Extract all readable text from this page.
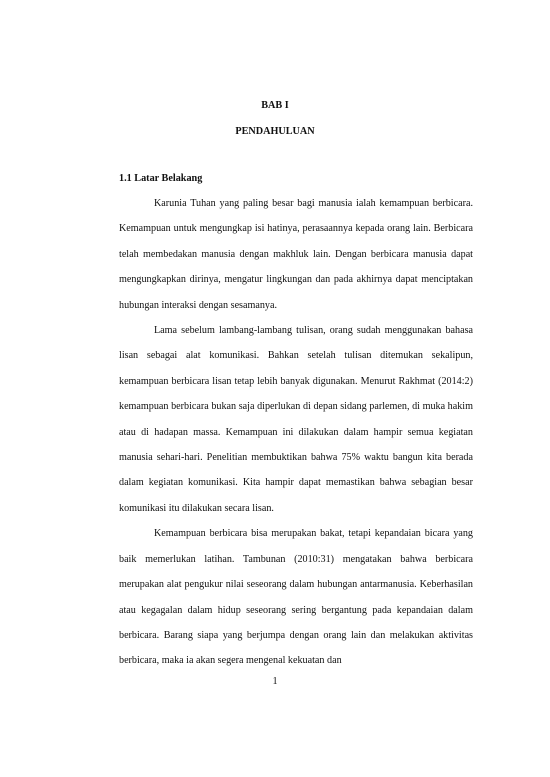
BAB I
PENDAHULUAN
1.1 Latar Belakang

Karunia Tuhan yang paling besar bagi manusia ialah kemampuan berbicara. Kemampuan untuk mengungkap isi hatinya, perasaannya kepada orang lain. Berbicara telah membedakan manusia dengan makhluk lain. Dengan berbicara manusia dapat mengungkapkan dirinya, mengatur lingkungan dan pada akhirnya dapat menciptakan hubungan interaksi dengan sesamanya.

Lama sebelum lambang-lambang tulisan, orang sudah menggunakan bahasa lisan sebagai alat komunikasi. Bahkan setelah tulisan ditemukan sekalipun, kemampuan berbicara lisan tetap lebih banyak digunakan. Menurut Rakhmat (2014:2) kemampuan berbicara bukan saja diperlukan di depan sidang parlemen, di muka hakim atau di hadapan massa. Kemampuan ini dilakukan dalam hampir semua kegiatan manusia sehari-hari. Penelitian membuktikan bahwa 75% waktu bangun kita berada dalam kegiatan komunikasi. Kita hampir dapat memastikan bahwa sebagian besar komunikasi itu dilakukan secara lisan.

Kemampuan berbicara bisa merupakan bakat, tetapi kepandaian bicara yang baik memerlukan latihan. Tambunan (2010:31) mengatakan bahwa berbicara merupakan alat pengukur nilai seseorang dalam hubungan antarmanusia. Keberhasilan atau kegagalan dalam hidup seseorang sering bergantung pada kepandaian dalam berbicara. Barang siapa yang berjumpa dengan orang lain dan melakukan aktivitas berbicara, maka ia akan segera mengenal kekuatan dan

1
